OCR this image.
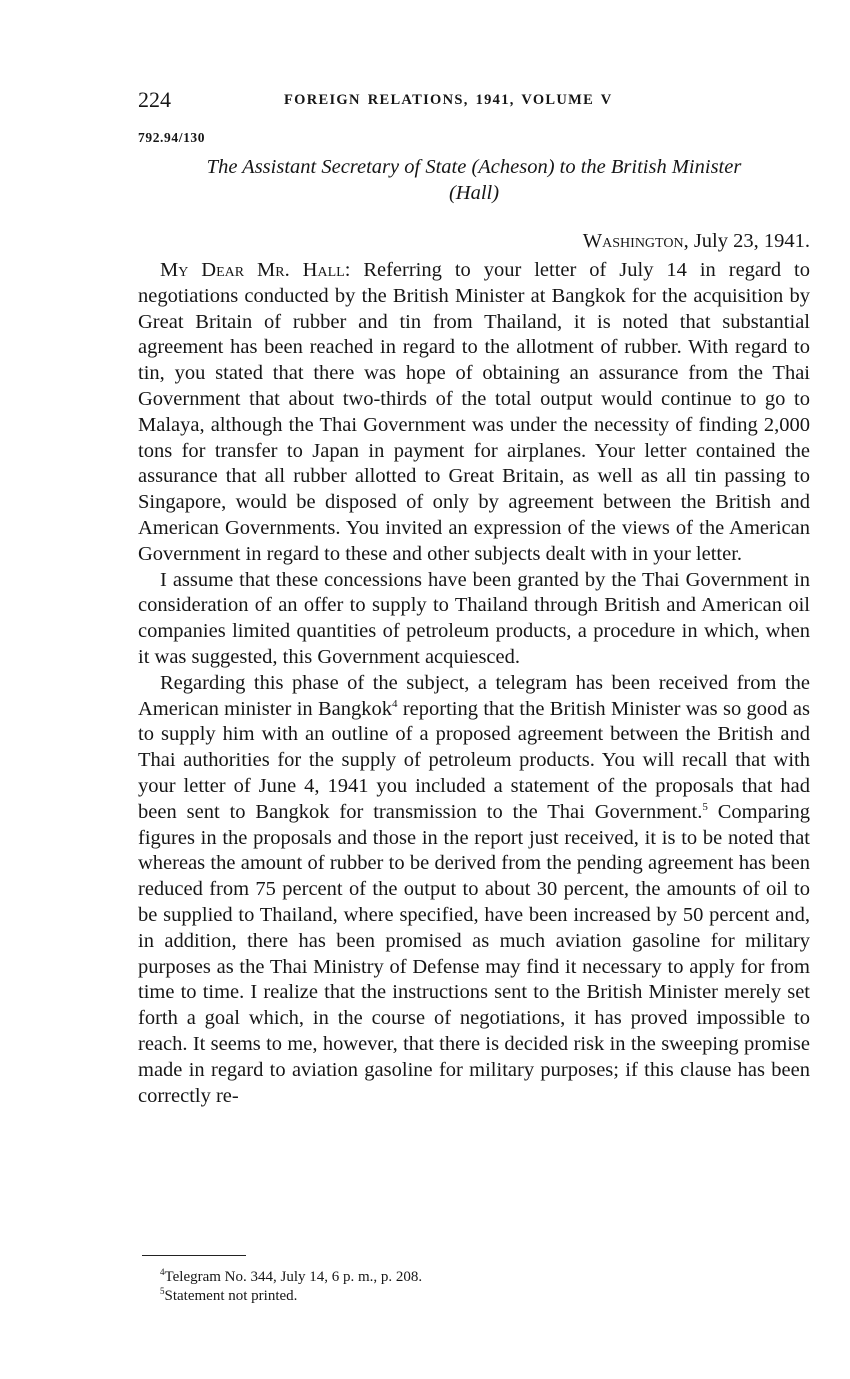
224	FOREIGN RELATIONS, 1941, VOLUME V
792.94/130
The Assistant Secretary of State (Acheson) to the British Minister
(Hall)
Washington, July 23, 1941.

My Dear Mr. Hall: Referring to your letter of July 14 in regard to negotiations conducted by the British Minister at Bangkok for the acquisition by Great Britain of rubber and tin from Thailand, it is noted that substantial agreement has been reached in regard to the allotment of rubber. With regard to tin, you stated that there was hope of obtaining an assurance from the Thai Government that about two-thirds of the total output would continue to go to Malaya, although the Thai Government was under the necessity of finding 2,000 tons for transfer to Japan in payment for airplanes. Your letter contained the assurance that all rubber allotted to Great Britain, as well as all tin passing to Singapore, would be disposed of only by agreement between the British and American Governments. You invited an expression of the views of the American Government in regard to these and other subjects dealt with in your letter.

I assume that these concessions have been granted by the Thai Government in consideration of an offer to supply to Thailand through British and American oil companies limited quantities of petroleum products, a procedure in which, when it was suggested, this Government acquiesced.

Regarding this phase of the subject, a telegram has been received from the American minister in Bangkok$^4$ reporting that the British Minister was so good as to supply him with an outline of a proposed agreement between the British and Thai authorities for the supply of petroleum products. You will recall that with your letter of June 4, 1941 you included a statement of the proposals that had been sent to Bangkok for transmission to the Thai Government.$^5$ Comparing figures in the proposals and those in the report just received, it is to be noted that whereas the amount of rubber to be derived from the pending agreement has been reduced from 75 percent of the output to about 30 percent, the amounts of oil to be supplied to Thailand, where specified, have been increased by 50 percent and, in addition, there has been promised as much aviation gasoline for military purposes as the Thai Ministry of Defense may find it necessary to apply for from time to time. I realize that the instructions sent to the British Minister merely set forth a goal which, in the course of negotiations, it has proved impossible to reach. It seems to me, however, that there is decided risk in the sweeping promise made in regard to aviation gasoline for military purposes; if this clause has been correctly re-

$^4$Telegram No. 344, July 14, 6 p. m., p. 208.
$^5$Statement not printed.
